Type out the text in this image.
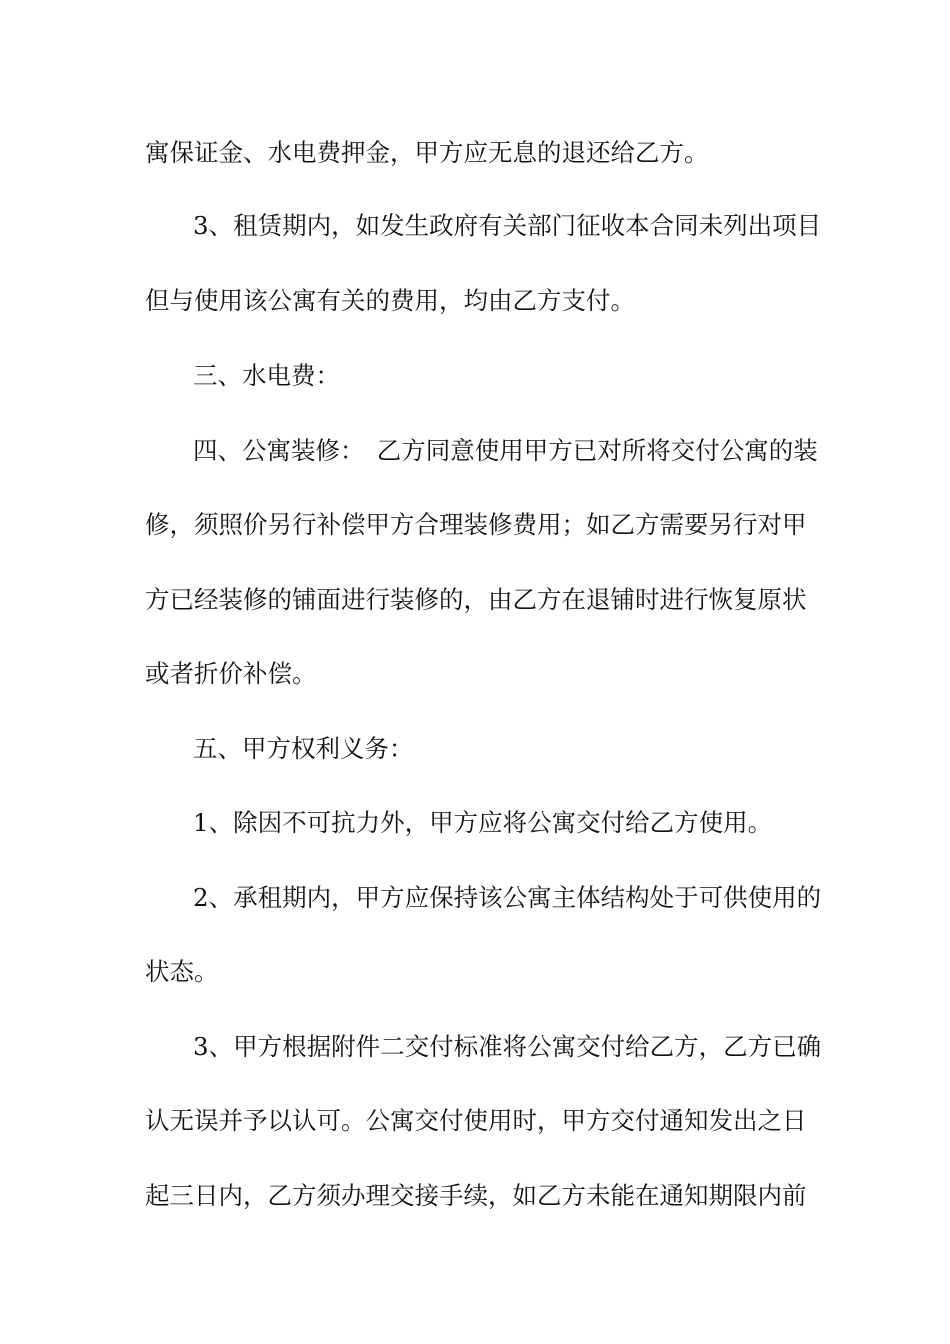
寓保证金、水电费押金，甲方应无息的退还给乙方。
3、租赁期内，如发生政府有关部门征收本合同未列出项目
但与使用该公寓有关的费用，均由乙方支付。
三、水电费：
四、公寓装修：　乙方同意使用甲方已对所将交付公寓的装
修，须照价另行补偿甲方合理装修费用；如乙方需要另行对甲
方已经装修的铺面进行装修的，由乙方在退铺时进行恢复原状
或者折价补偿。
五、甲方权利义务：
1、除因不可抗力外，甲方应将公寓交付给乙方使用。
2、承租期内，甲方应保持该公寓主体结构处于可供使用的
状态。
3、甲方根据附件二交付标准将公寓交付给乙方，乙方已确
认无误并予以认可。公寓交付使用时，甲方交付通知发出之日
起三日内，乙方须办理交接手续，如乙方未能在通知期限内前
